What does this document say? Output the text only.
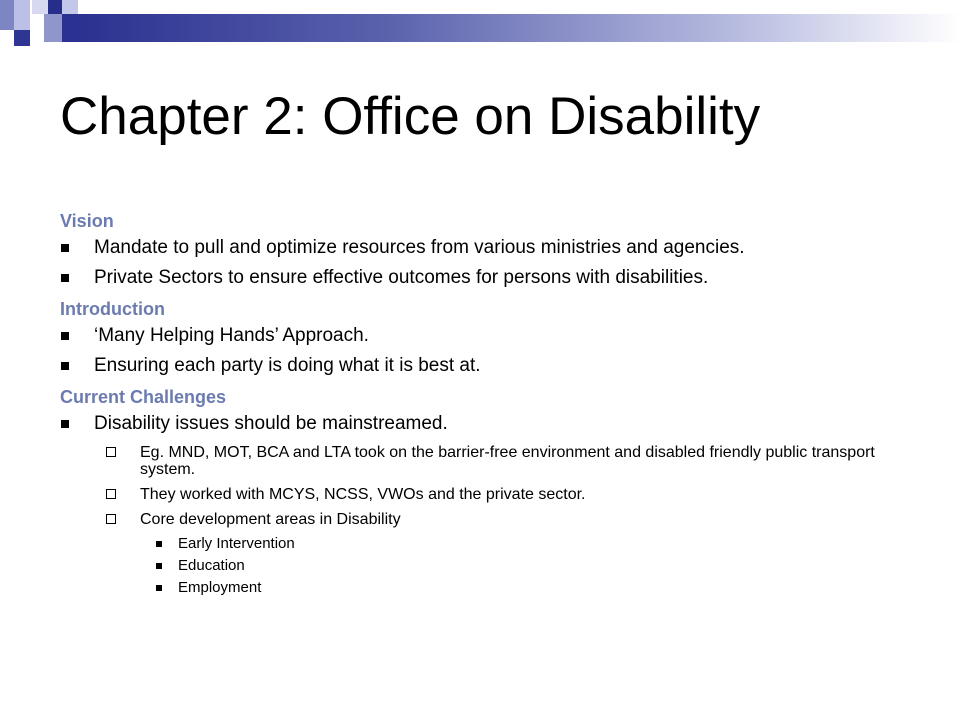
Chapter 2: Office on Disability
Vision
Mandate to pull and optimize resources from various ministries and agencies.
Private Sectors to ensure effective outcomes for persons with disabilities.
Introduction
‘Many Helping Hands’ Approach.
Ensuring each party is doing what it is best at.
Current Challenges
Disability issues should be mainstreamed.
Eg. MND, MOT, BCA and LTA took on the barrier-free environment and disabled friendly public transport system.
They worked with MCYS, NCSS, VWOs and the private sector.
Core development areas in Disability
Early Intervention
Education
Employment
